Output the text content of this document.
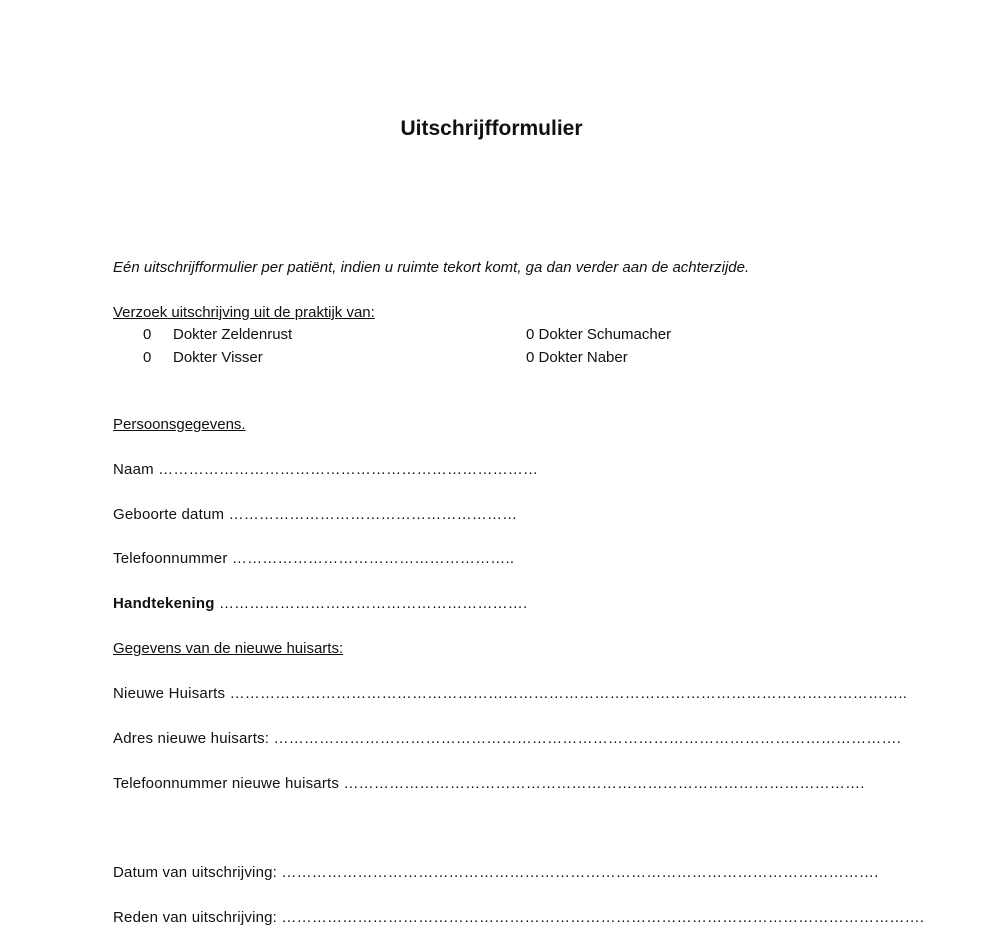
Uitschrijfformulier
Eén uitschrijfformulier per patiënt, indien u ruimte tekort komt, ga dan verder aan de achterzijde.
Verzoek uitschrijving uit de praktijk van:
0 Dokter Zeldenrust
0 Dokter Visser
0 Dokter Schumacher
0 Dokter Naber
Persoonsgegevens.
Naam …………………………………………………………………
Geboorte datum …………………………………………………
Telefoonnummer ………………………………………………..
Handtekening …………………………………………………….
Gegevens van de nieuwe huisarts:
Nieuwe Huisarts ……………………………………………………………………………………………………………………..
Adres nieuwe huisarts: …………………………………………………………………………………………………………….
Telefoonnummer nieuwe huisarts ………………………………………………………………………………………….
Datum van uitschrijving: ……………………………………………………………………………………………………….
Reden van uitschrijving: ……………………………………………………………………………………………………………….
